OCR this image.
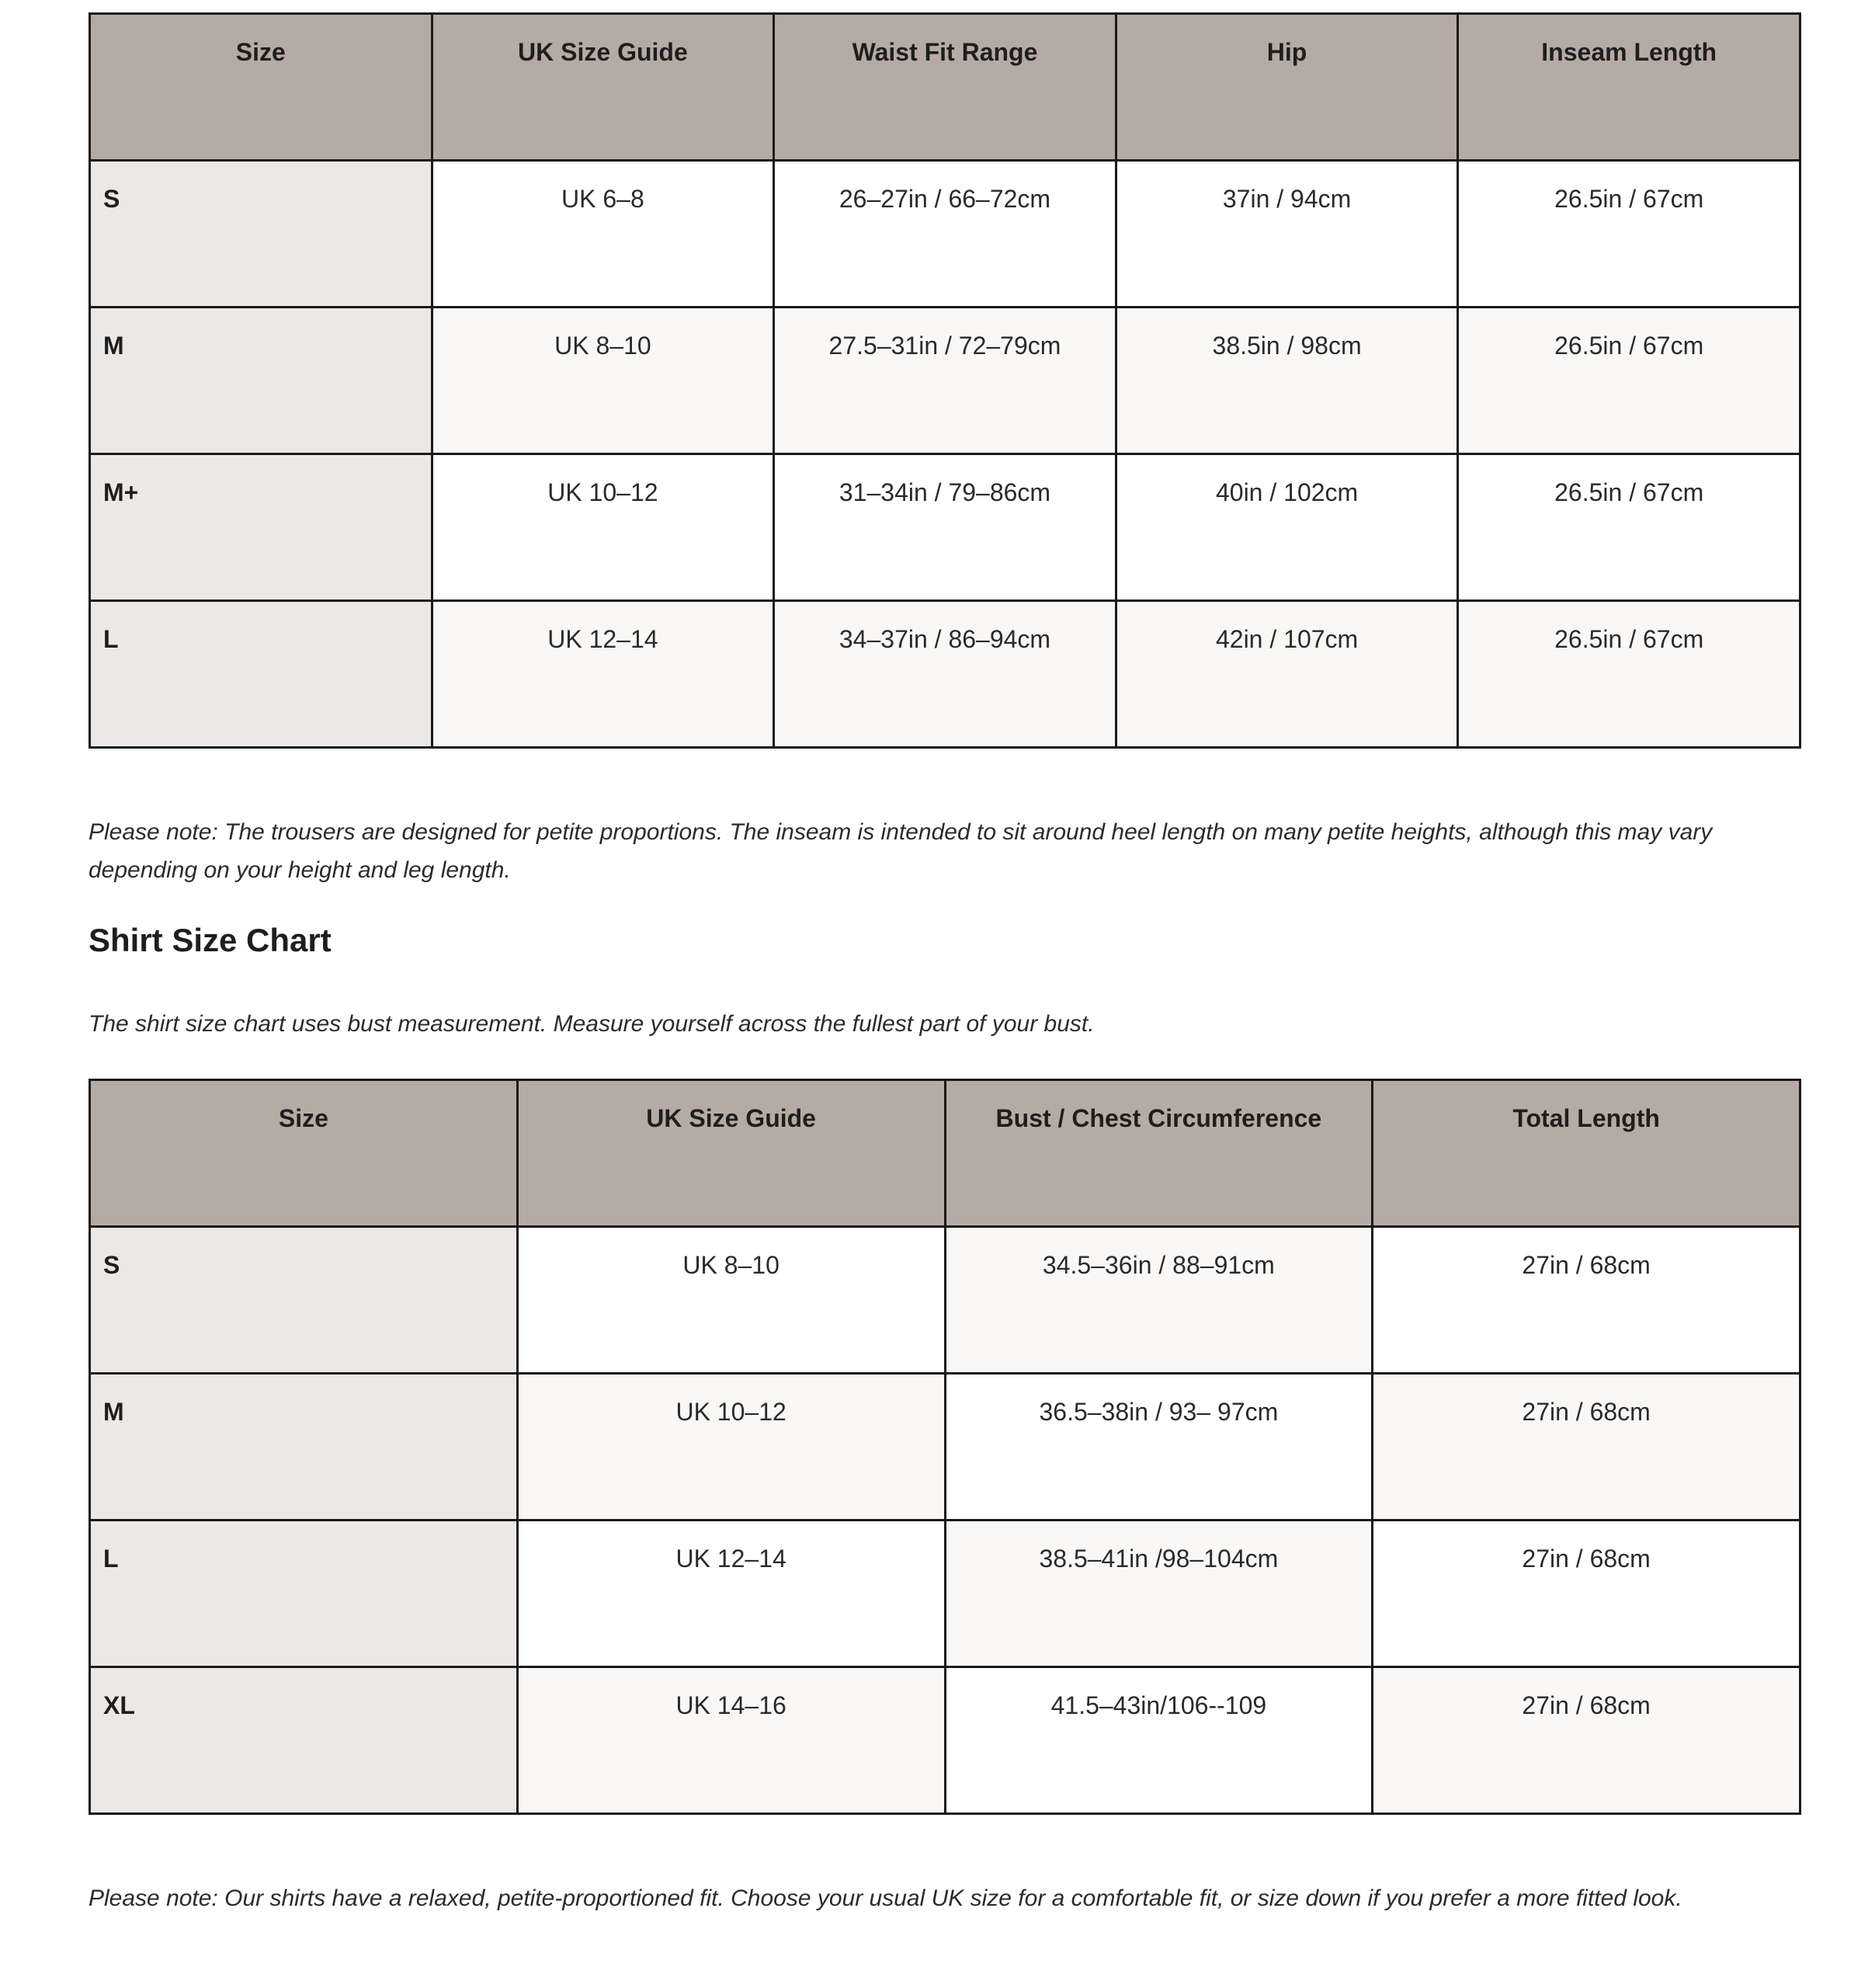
Size	UK Size Guide	Waist Fit Range	Hip	Inseam Length
S	UK 6–8	26–27in / 66–72cm	37in / 94cm	26.5in / 67cm
M	UK 8–10	27.5–31in / 72–79cm	38.5in / 98cm	26.5in / 67cm
M+	UK 10–12	31–34in / 79–86cm	40in / 102cm	26.5in / 67cm
L	UK 12–14	34–37in / 86–94cm	42in / 107cm	26.5in / 67cm

Please note: The trousers are designed for petite proportions. The inseam is intended to sit around heel length on many petite heights, although this may vary depending on your height and leg length.

Shirt Size Chart

The shirt size chart uses bust measurement. Measure yourself across the fullest part of your bust.

Size	UK Size Guide	Bust / Chest Circumference	Total Length
S	UK 8–10	34.5–36in / 88–91cm	27in / 68cm
M	UK 10–12	36.5–38in / 93– 97cm	27in / 68cm
L	UK 12–14	38.5–41in /98–104cm	27in / 68cm
XL	UK 14–16	41.5–43in/106--109	27in / 68cm

Please note: Our shirts have a relaxed, petite-proportioned fit. Choose your usual UK size for a comfortable fit, or size down if you prefer a more fitted look.
